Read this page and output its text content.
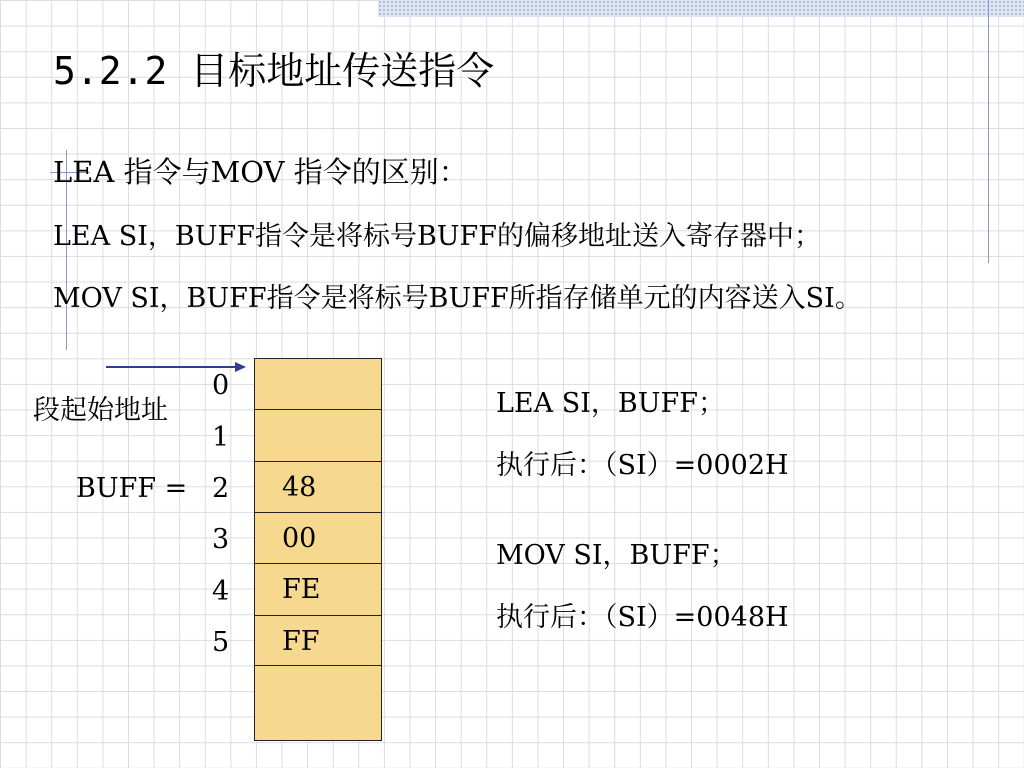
5.2.2 目标地址传送指令
LEA 指令与MOV 指令的区别：
LEA SI，BUFF指令是将标号BUFF的偏移地址送入寄存器中；
MOV SI，BUFF指令是将标号BUFF所指存储单元的内容送入SI。
段起始地址
BUFF =
0
1
2
3
4
5
48
00
FE
FF
LEA SI，BUFF；
执行后：（SI）=0002H
MOV SI，BUFF；
执行后：（SI）=0048H
